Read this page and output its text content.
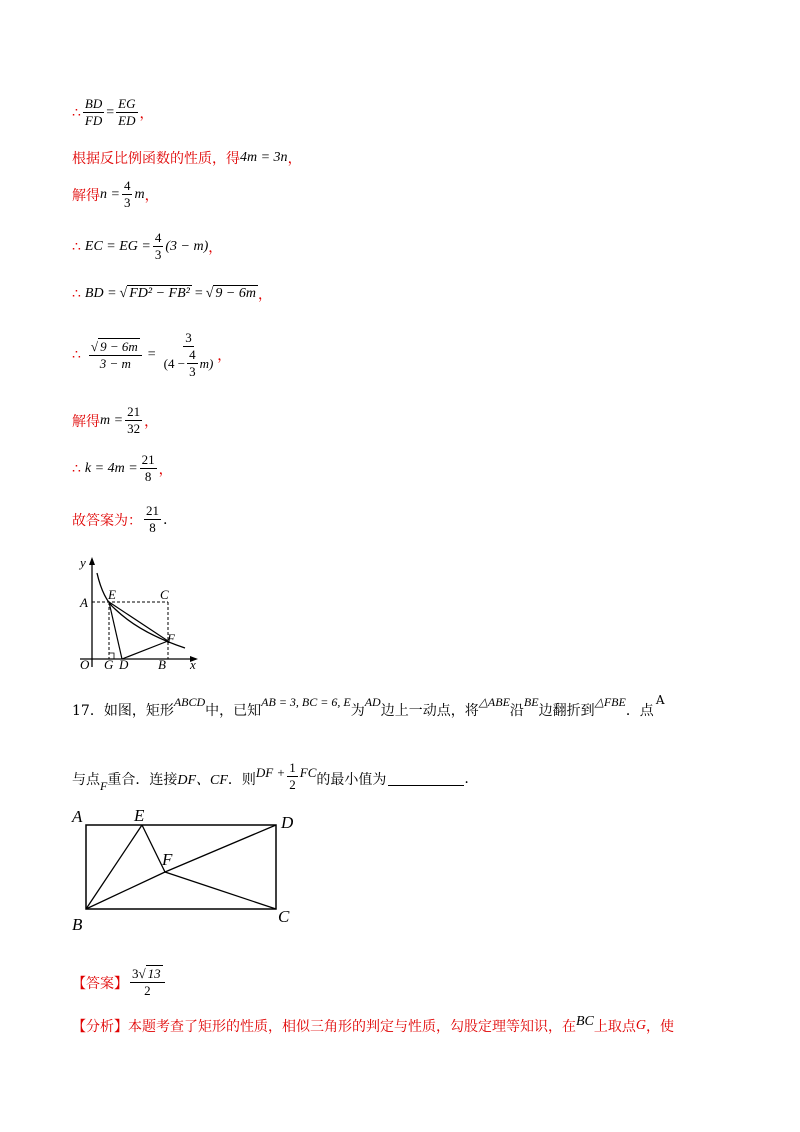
∴ $\frac{BD}{FD} = \frac{EG}{ED}$ ，
根据反比例函数的性质，得 4m = 3n ，
解得 $n = \frac{4}{3}$ m ，
∴ EC = EG = $\frac{4}{3} (3 - m)$ ，
∴ BD = √ FD² − FB² = √ 9 − 6m ，
∴ $\frac{√ 9 - 6m}{3 - m} = \frac{3}{(4 - \frac{4}{3} m)}$ ，
解得 $m = \frac{21}{32}$ ，
∴ $k = 4m = \frac{21}{8}$ ，
故答案为： $\frac{21}{8}$ .
y
x
A
E	C
F
O G D B
17．如图，矩形
ABCD
中，已知
AB = 3, BC = 6, E
为
AD
边上一动点，将
△ABE
沿
BE
边翻折到
△FBE
．点
A
与点 F 重合．连接 DF、CF ．则 DF + $\frac{1}{2}$ FC 的最小值为	.
A	E	D
F
B	C
【答案】 $\frac{3√ 13}{2}$
【分析】 本题考查了矩形的性质，相似三角形的判定与性质，勾股定理等知识，在 BC 上取点 G ，使
